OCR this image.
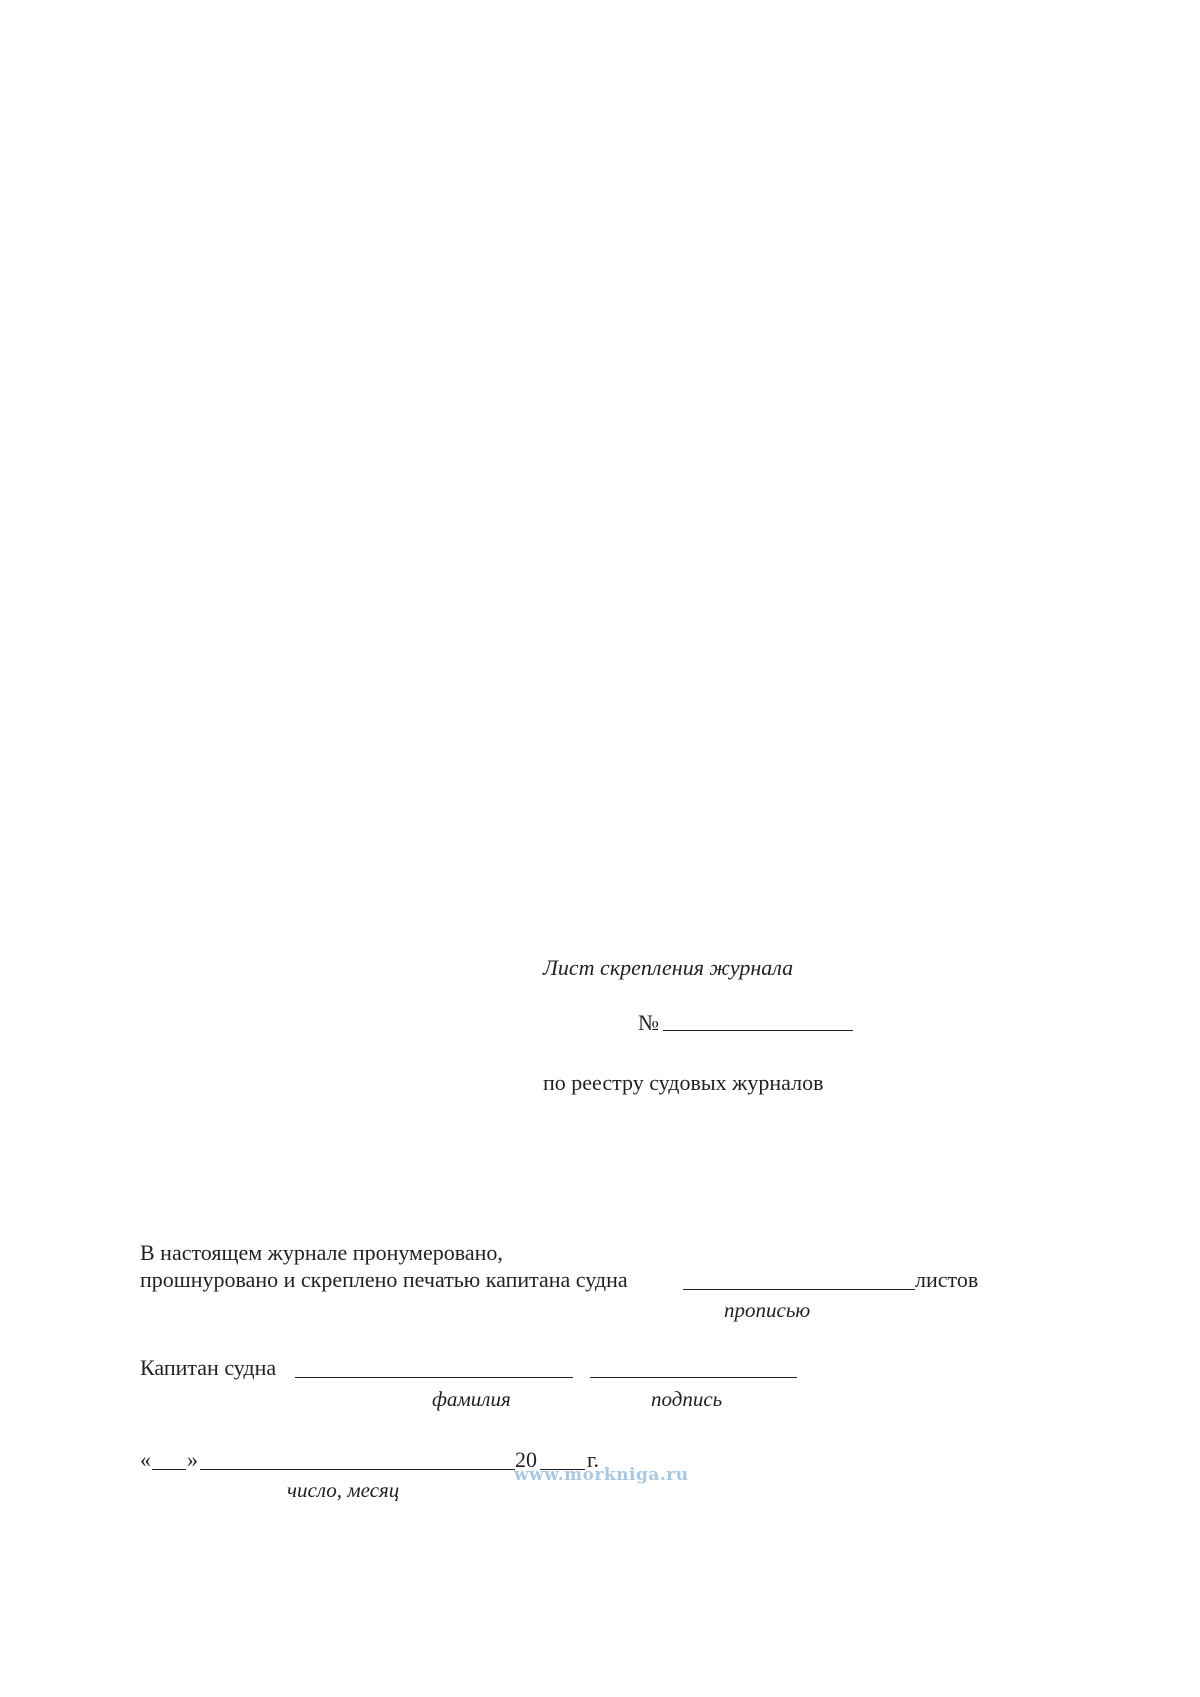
Лист скрепления журнала
№
по реестру судовых журналов
В настоящем журнале пронумеровано,
прошнуровано и скреплено печатью капитана судна	листов
прописью
Капитан судна
фамилия	подпись
« »	20 г.
число, месяц
www.morkniga.ru
